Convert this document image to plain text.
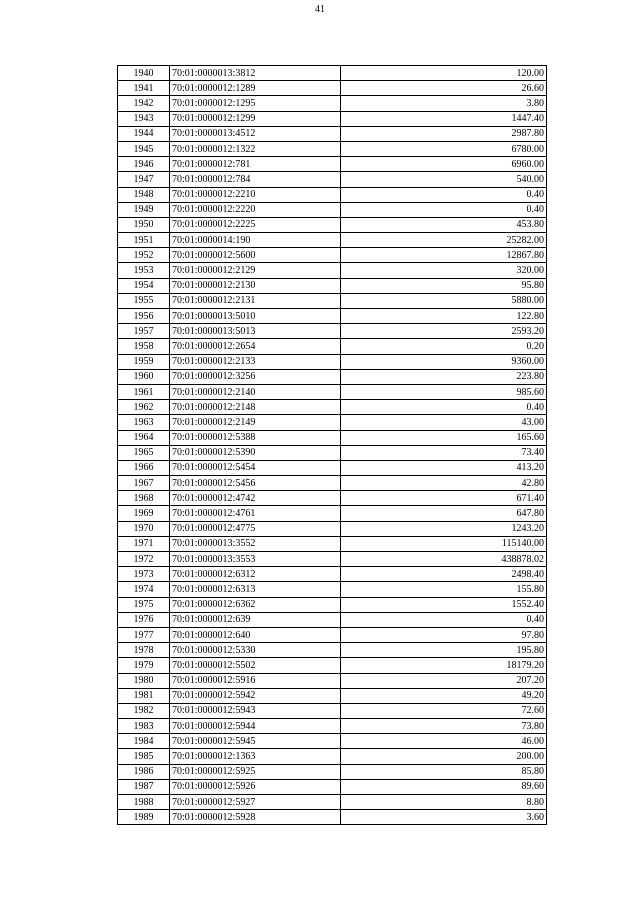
41
1940	70:01:0000013:3812	120.00
1941	70:01:0000012:1289	26.60
1942	70:01:0000012:1295	3.80
1943	70:01:0000012:1299	1447.40
1944	70:01:0000013:4512	2987.80
1945	70:01:0000012:1322	6780.00
1946	70:01:0000012:781	6960.00
1947	70:01:0000012:784	540.00
1948	70:01:0000012:2210	0.40
1949	70:01:0000012:2220	0.40
1950	70:01:0000012:2225	453.80
1951	70:01:0000014:190	25282.00
1952	70:01:0000012:5600	12867.80
1953	70:01:0000012:2129	320.00
1954	70:01:0000012:2130	95.80
1955	70:01:0000012:2131	5880.00
1956	70:01:0000013:5010	122.80
1957	70:01:0000013:5013	2593.20
1958	70:01:0000012:2654	0.20
1959	70:01:0000012:2133	9360.00
1960	70:01:0000012:3256	223.80
1961	70:01:0000012:2140	985.60
1962	70:01:0000012:2148	0.40
1963	70:01:0000012:2149	43.00
1964	70:01:0000012:5388	165.60
1965	70:01:0000012:5390	73.40
1966	70:01:0000012:5454	413.20
1967	70:01:0000012:5456	42.80
1968	70:01:0000012:4742	671.40
1969	70:01:0000012:4761	647.80
1970	70:01:0000012:4775	1243.20
1971	70:01:0000013:3552	115140.00
1972	70:01:0000013:3553	438878.02
1973	70:01:0000012:6312	2498.40
1974	70:01:0000012:6313	155.80
1975	70:01:0000012:6362	1552.40
1976	70:01:0000012:639	0.40
1977	70:01:0000012:640	97.80
1978	70:01:0000012:5330	195.80
1979	70:01:0000012:5502	18179.20
1980	70:01:0000012:5916	207.20
1981	70:01:0000012:5942	49.20
1982	70:01:0000012:5943	72.60
1983	70:01:0000012:5944	73.80
1984	70:01:0000012:5945	46.00
1985	70:01:0000012:1363	200.00
1986	70:01:0000012:5925	85.80
1987	70:01:0000012:5926	89.60
1988	70:01:0000012:5927	8.80
1989	70:01:0000012:5928	3.60
